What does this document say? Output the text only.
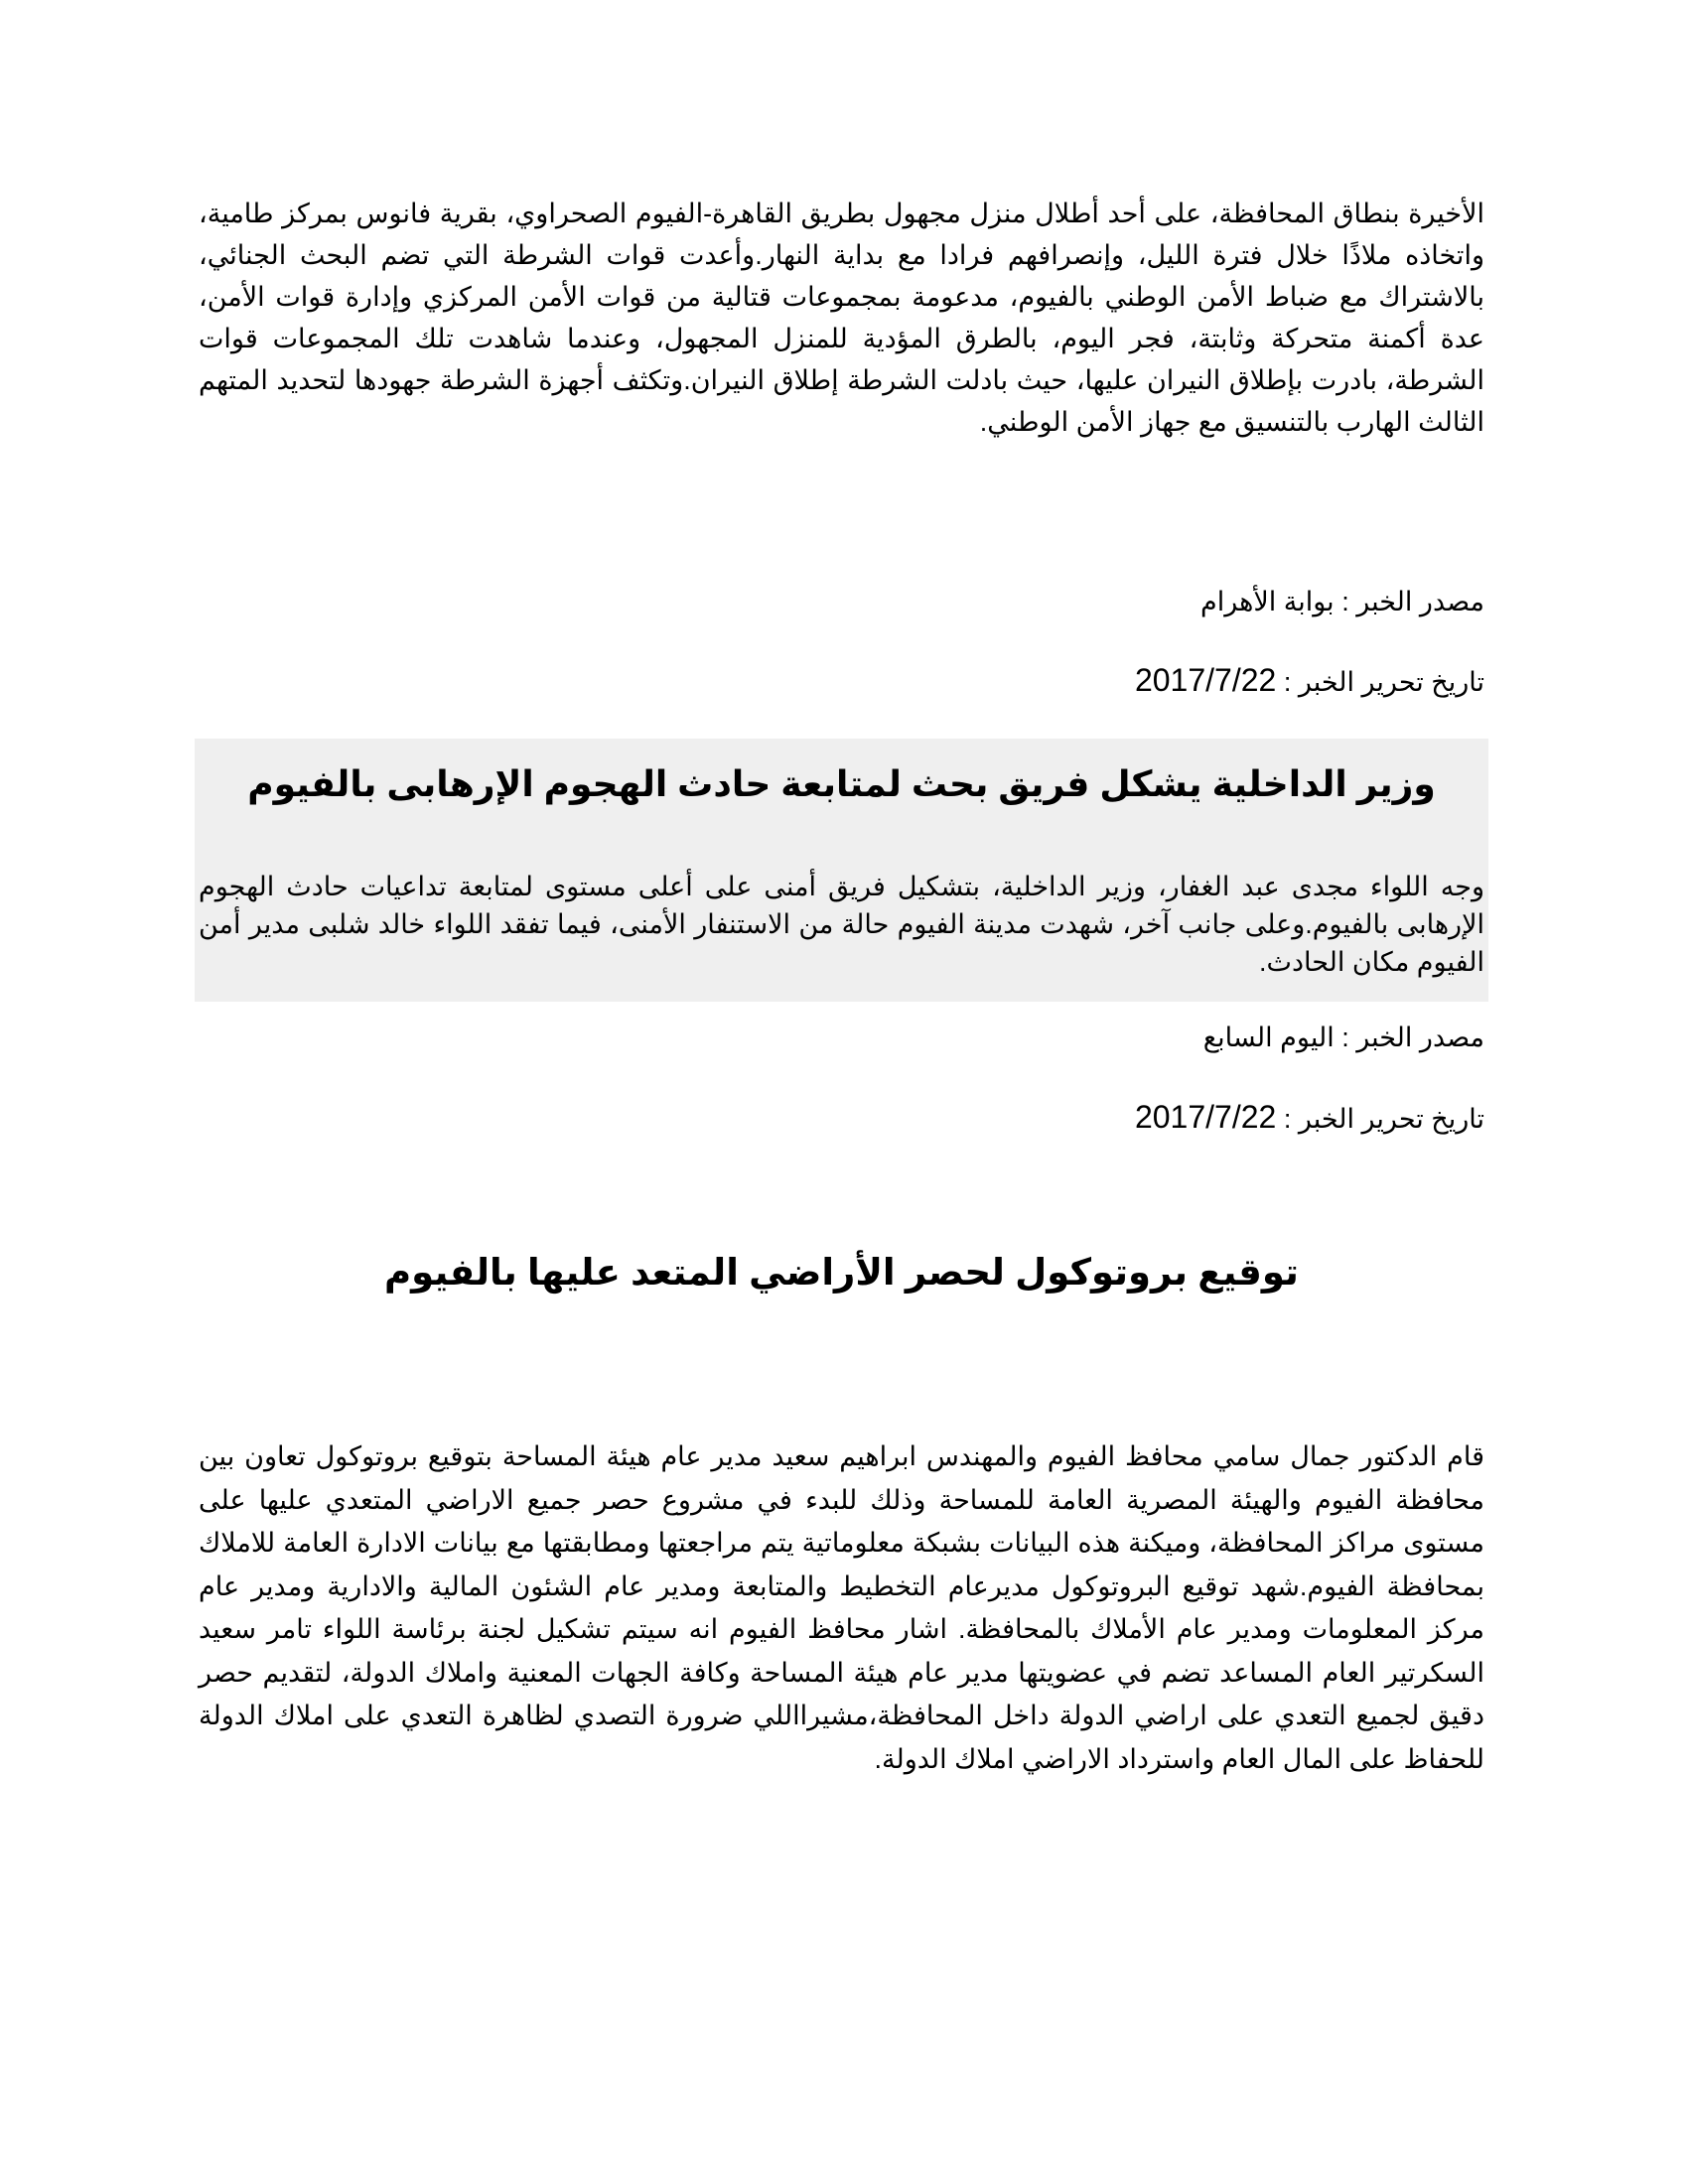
الأخيرة بنطاق المحافظة، على أحد أطلال منزل مجهول بطريق القاهرة-الفيوم الصحراوي، بقرية فانوس بمركز طامية، واتخاذه ملاذًا خلال فترة الليل، وإنصرافهم فرادا مع بداية النهار.وأعدت قوات الشرطة التي تضم البحث الجنائي، بالاشتراك مع ضباط الأمن الوطني بالفيوم، مدعومة بمجموعات قتالية من قوات الأمن المركزي وإدارة قوات الأمن، عدة أكمنة متحركة وثابتة، فجر اليوم، بالطرق المؤدية للمنزل المجهول، وعندما شاهدت تلك المجموعات قوات الشرطة، بادرت بإطلاق النيران عليها، حيث بادلت الشرطة إطلاق النيران.وتكثف أجهزة الشرطة جهودها لتحديد المتهم الثالث الهارب بالتنسيق مع جهاز الأمن الوطني.

مصدر الخبر : بوابة الأهرام

تاريخ تحرير الخبر : 2017/7/22

وزير الداخلية يشكل فريق بحث لمتابعة حادث الهجوم الإرهابى بالفيوم

وجه اللواء مجدى عبد الغفار، وزير الداخلية، بتشكيل فريق أمنى على أعلى مستوى لمتابعة تداعيات حادث الهجوم الإرهابى بالفيوم.وعلى جانب آخر، شهدت مدينة الفيوم حالة من الاستنفار الأمنى، فيما تفقد اللواء خالد شلبى مدير أمن الفيوم مكان الحادث.

مصدر الخبر : اليوم السابع

تاريخ تحرير الخبر : 2017/7/22

توقيع بروتوكول لحصر الأراضي المتعد عليها بالفيوم

قام الدكتور جمال سامي محافظ الفيوم والمهندس ابراهيم سعيد مدير عام هيئة المساحة بتوقيع بروتوكول تعاون بين محافظة الفيوم والهيئة المصرية العامة للمساحة وذلك للبدء في مشروع حصر جميع الاراضي المتعدي عليها على مستوى مراكز المحافظة، وميكنة هذه البيانات بشبكة معلوماتية يتم مراجعتها ومطابقتها مع بيانات الادارة العامة للاملاك بمحافظة الفيوم.شهد توقيع البروتوكول مديرعام التخطيط والمتابعة ومدير عام الشئون المالية والادارية ومدير عام مركز المعلومات ومدير عام الأملاك بالمحافظة. اشار محافظ الفيوم انه سيتم تشكيل لجنة برئاسة اللواء تامر سعيد السكرتير العام المساعد تضم في عضويتها مدير عام هيئة المساحة وكافة الجهات المعنية واملاك الدولة، لتقديم حصر دقيق لجميع التعدي على اراضي الدولة داخل المحافظة،مشيرااللي ضرورة التصدي لظاهرة التعدي على املاك الدولة للحفاظ على المال العام واسترداد الاراضي املاك الدولة.
